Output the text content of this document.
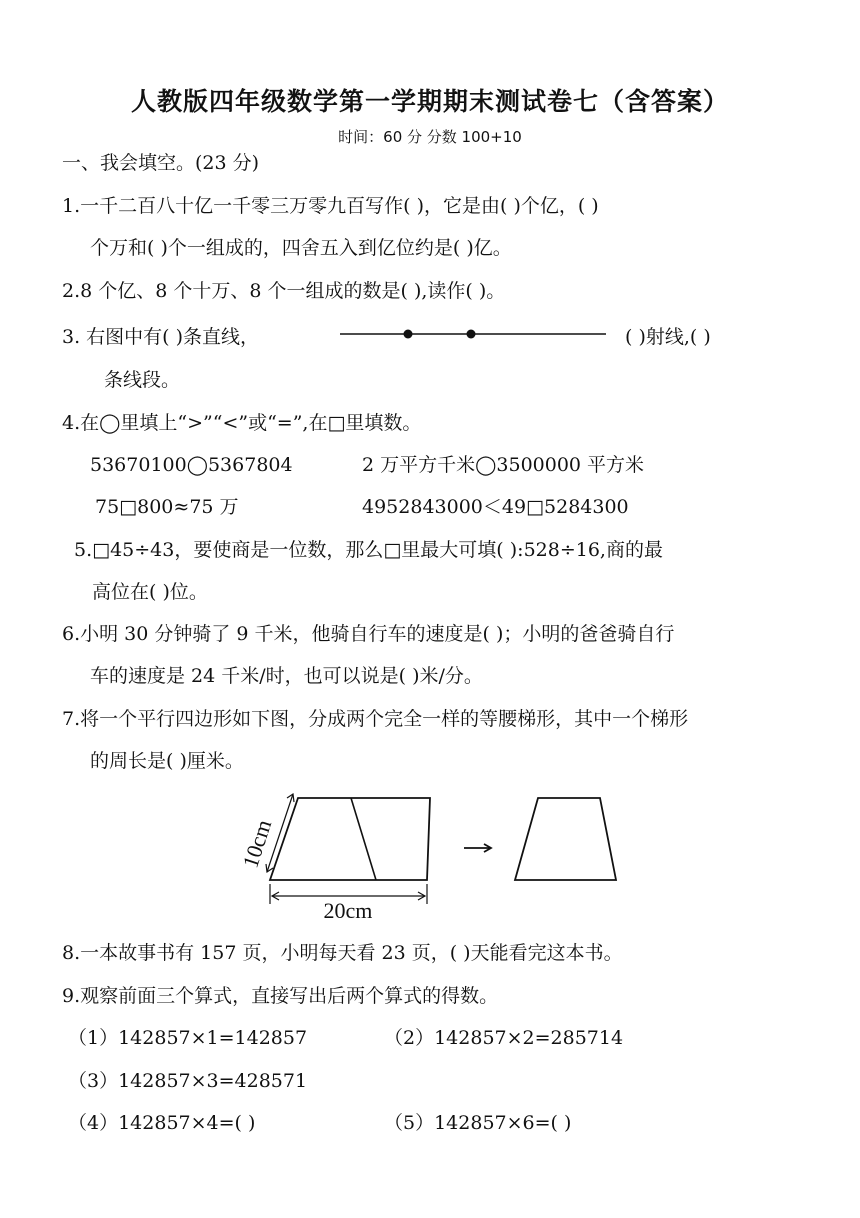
人教版四年级数学第一学期期末测试卷七（含答案）
时间：60 分 分数 100+10
一、我会填空。(23 分)
1.一千二百八十亿一千零三万零九百写作( )，它是由( )个亿，( )
个万和( )个一组成的，四舍五入到亿位约是( )亿。
2.8 个亿、8 个十万、8 个一组成的数是( ),读作( )。
3. 右图中有( )条直线，	( )射线,( )
条线段。
4.在◯里填上“>”“<”或“=”,在□里填数。
53670100◯5367804	2 万平方千米◯3500000 平方米
75□800≈75 万	4952843000＜49□5284300
5.□45÷43，要使商是一位数，那么□里最大可填( ):528÷16,商的最
高位在( )位。
6.小明 30 分钟骑了 9 千米，他骑自行车的速度是( )；小明的爸爸骑自行
车的速度是 24 千米/时，也可以说是( )米/分。
7.将一个平行四边形如下图，分成两个完全一样的等腰梯形，其中一个梯形
的周长是( )厘米。
10cm
20cm
8.一本故事书有 157 页，小明每天看 23 页，( )天能看完这本书。
9.观察前面三个算式，直接写出后两个算式的得数。
（1）142857×1=142857	（2）142857×2=285714
（3）142857×3=428571
（4）142857×4=( )	（5）142857×6=( )
